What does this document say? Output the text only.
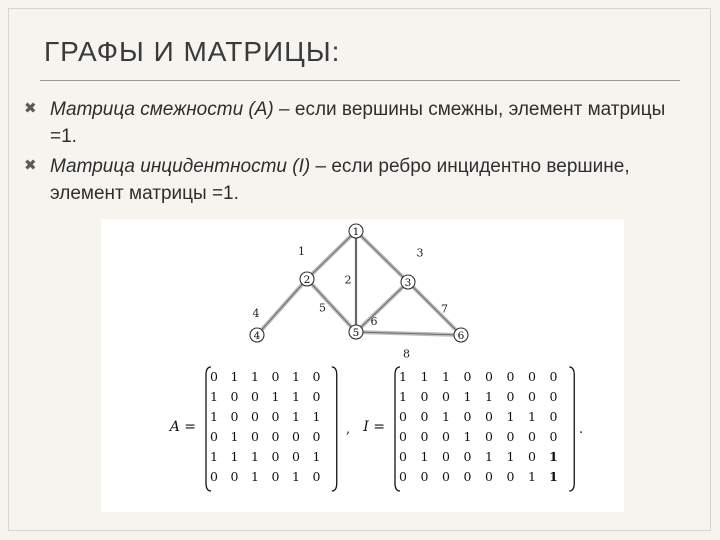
ГРАФЫ И МАТРИЦЫ:
✖ Матрица смежности (A) – если вершины смежны, элемент матрицы =1.
✖ Матрица инцидентности (I) – если ребро инцидентно вершине, элемент матрицы =1.
1
2
3
4	5
6
7
8
1
2	3
4	5	6
A =
0 1 1 0 1 0
1 0 0 1 1 0
1 0 0 0 1 1
0 1 0 0 0 0
1 1 1 0 0 1
0 0 1 0 1 0
, I =
1 1 1 0 0 0 0 0
1 0 0 1 1 0 0 0
0 0 1 0 0 1 1 0
0 0 0 1 0 0 0 0
0 1 0 0 1 1 0 1
0 0 0 0 0 0 1 1
.
